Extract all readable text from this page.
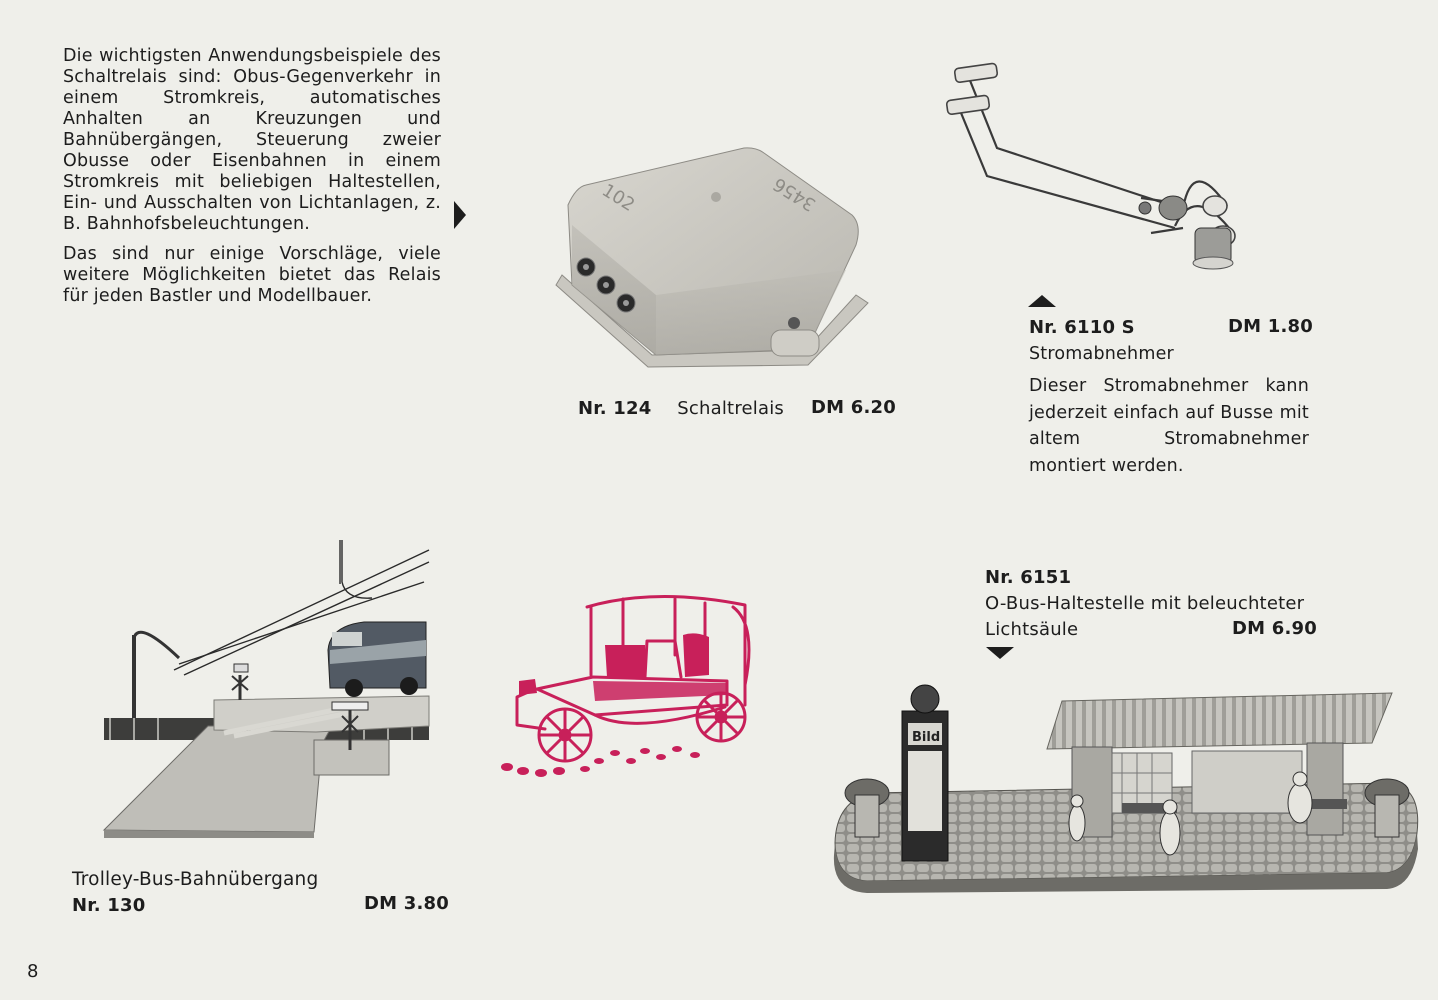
Die wichtigsten Anwendungsbeispiele des Schaltrelais sind: Obus-Gegenverkehr in einem Stromkreis, automatisches Anhalten an Kreuzungen und Bahnübergängen, Steuerung zweier Obusse oder Eisenbahnen in einem Stromkreis mit beliebigen Haltestellen, Ein- und Ausschalten von Lichtanlagen, z. B. Bahnhofsbeleuchtungen.

Das sind nur einige Vorschläge, viele weitere Möglichkeiten bietet das Relais für jeden Bastler und Modellbauer.

102	3456
Nr. 124 Schaltrelais DM 6.20
Nr. 6110 S	DM 1.80
Stromabnehmer
Dieser Stromabnehmer kann jederzeit einfach auf Busse mit altem Stromabnehmer montiert werden.
Trolley-Bus-Bahnübergang
Nr. 130	DM 3.80
Nr. 6151
O-Bus-Haltestelle mit beleuchteter
Lichtsäule	DM 6.90
Bild
8
